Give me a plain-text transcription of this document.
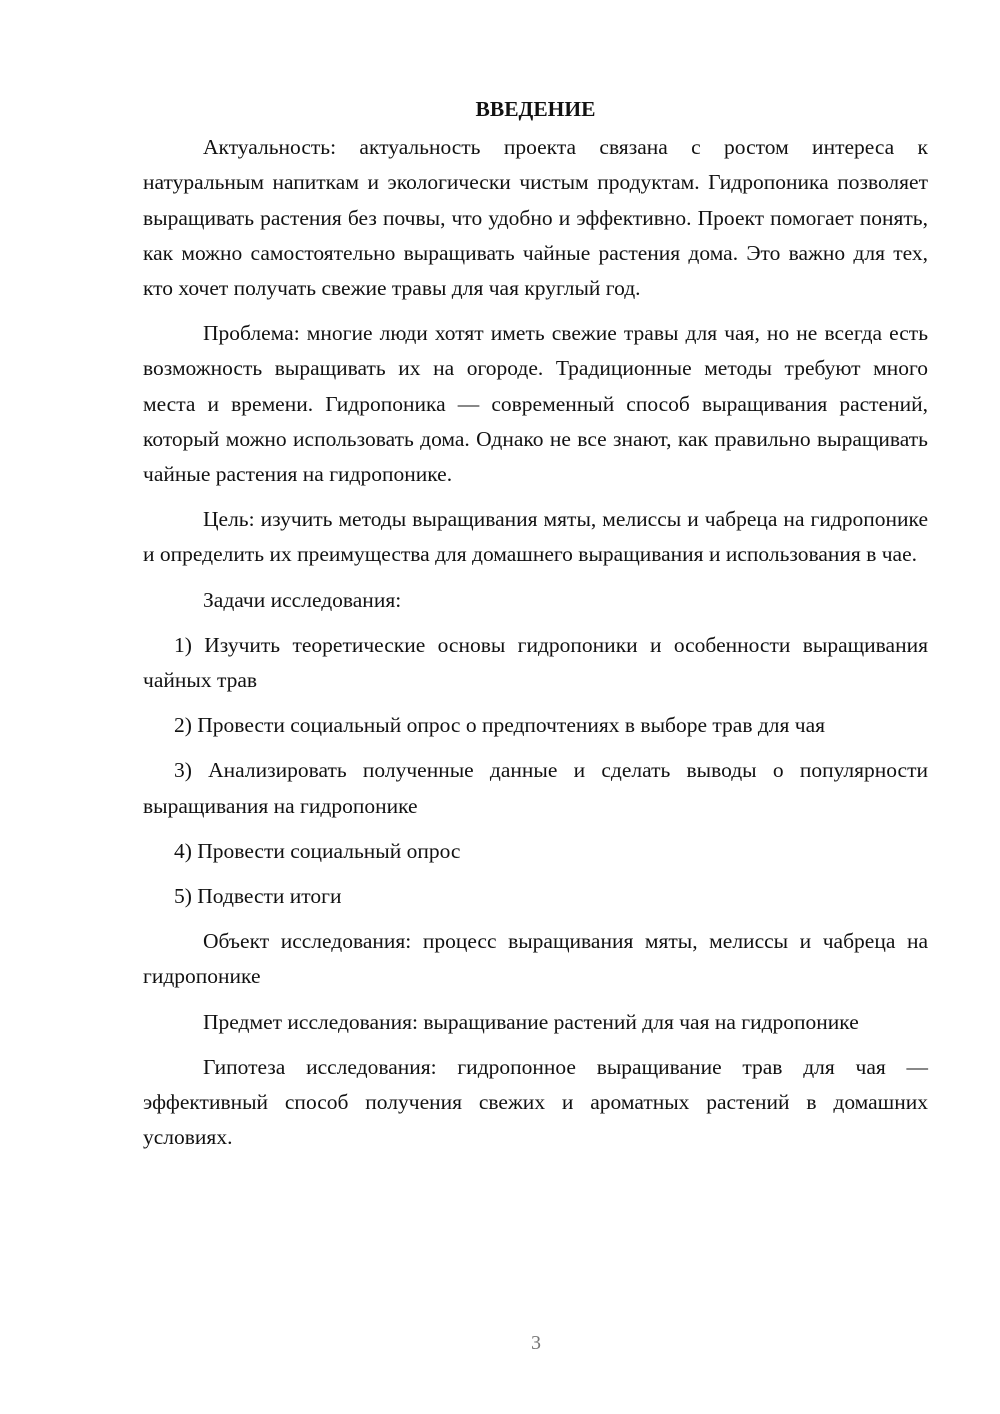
ВВЕДЕНИЕ

Актуальность: актуальность проекта связана с ростом интереса к натуральным напиткам и экологически чистым продуктам. Гидропоника позволяет выращивать растения без почвы, что удобно и эффективно. Проект помогает понять, как можно самостоятельно выращивать чайные растения дома. Это важно для тех, кто хочет получать свежие травы для чая круглый год.

Проблема: многие люди хотят иметь свежие травы для чая, но не всегда есть возможность выращивать их на огороде. Традиционные методы требуют много места и времени. Гидропоника — современный способ выращивания растений, который можно использовать дома. Однако не все знают, как правильно выращивать чайные растения на гидропонике.

Цель: изучить методы выращивания мяты, мелиссы и чабреца на гидропонике и определить их преимущества для домашнего выращивания и использования в чае.

Задачи исследования:

1) Изучить теоретические основы гидропоники и особенности выращивания чайных трав

2) Провести социальный опрос о предпочтениях в выборе трав для чая

3) Анализировать полученные данные и сделать выводы о популярности выращивания на гидропонике

4) Провести социальный опрос

5) Подвести итоги

Объект исследования: процесс выращивания мяты, мелиссы и чабреца на гидропонике

Предмет исследования: выращивание растений для чая на гидропонике

Гипотеза исследования: гидропонное выращивание трав для чая — эффективный способ получения свежих и ароматных растений в домашних условиях.

3
